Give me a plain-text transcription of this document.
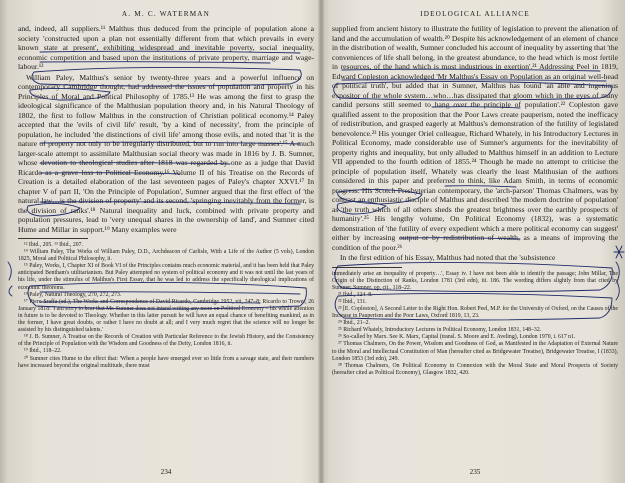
A. M. C. WATERMAN

and, indeed, all suppliers.¹¹ Malthus thus deduced from the principle of population alone a society 'constructed upon a plan not essentially different from that which prevails in every known state at present', exhibiting widespread and inevitable poverty, social inequality, economic competition and based upon the institutions of private property, marriage and wage-labour.¹²

William Paley, Malthus's senior by twenty-three years and a powerful influence on contemporary Cambridge thought, had addressed the issues of population and property in his Principles of Moral and Political Philosophy of 1785.¹³ He was among the first to grasp the ideological significance of the Malthusian population theory and, in his Natural Theology of 1802, the first to follow Malthus in the construction of Christian political economy.¹⁴ Paley accepted that the 'evils of civil life' result, 'by a kind of necessity', from the principle of population, he included 'the distinctions of civil life' among those evils, and noted that 'it is the nature of property not only to be irregularly distributed, but to run into large masses'.¹⁵ A much larger-scale attempt to assimilate Malthusian social theory was made in 1816 by J. B. Sumner, whose devotion to theological studies after 1818 was regarded by one as a judge that David Ricardo as a grave loss to Political Economy.¹⁶ Volume II of his Treatise on the Records of Creation is a detailed elaboration of the last seventeen pages of Paley's chapter XXVI.¹⁷ In chapter V of part II, 'On the Principle of Population', Sumner argued that the first effect of 'the natural law…is the division of property' and its second, 'springing inevitably from the former, is the division of ranks'.¹⁸ Natural inequality and luck, combined with private property and population pressures, lead to 'very unequal shares in the ownership of land', and Sumner cited Hume and Millar in support.¹⁹ Many examples were

¹² Ibid., 205. ¹³ Ibid., 207.

¹⁴ William Paley, The Works of William Paley, D.D., Archdeacon of Carlisle, With a Life of the Author (5 vols), London 1825, Moral and Political Philosophy, ii.

¹⁵ Paley, Works, I, Chapter XI of Book VI of the Principles contains much economic material, and it has been held that Paley anticipated Bentham's utilitarianism. But Paley attempted no system of political economy and it was not until the last years of his life, under the stimulus of Malthus's First Essay, that he was led to address the specifically theological implications of economic theorems.

¹⁶ Paley, Natural Theology, 270, 272, 273.

¹⁷ Piero Sraffa (ed.), The Works and Correspondence of David Ricardo, Cambridge 1952, vii, 247–8; Ricardo to Trower, 26 January 1818: 'I am sorry to hear that Mr. Sumner does not intend writing any more on Political Economy – his whole attention in future is to be devoted to Theology. Whether in this latter pursuit he will have an equal chance of benefiting mankind, as in the former, I have great doubts, or rather I have no doubt at all; and I very much regret that the science will no longer be assisted by his distinguished talents.'

¹⁸ J. B. Sumner, A Treatise on the Records of Creation with Particular Reference to the Jewish History, and the Consistency of the Principle of Population with the Wisdom and Goodness of the Deity, London 1816, ii.

¹⁹ Ibid., 118–22.

²⁰ Sumner cites Hume to the effect that: 'When a people have emerged ever so little from a savage state, and their numbers have increased beyond the original multitude, there must

234
IDEOLOGICAL ALLIANCE

supplied from ancient history to illustrate the futility of legislation to prevent the alienation of land and the accumulation of wealth.²⁰ Despite his acknowledgement of an element of chance in the distribution of wealth, Sumner concluded his account of inequality by asserting that 'the conveniences of life shall belong, in the greatest abundance, to the head which is most fertile in resources, of the hand which is most industrious in exertion'.²¹ Addressing Peel in 1819, Edward Copleston acknowledged 'Mr Malthus's Essay on Population as an original well-head of political truth', but added that in Sumner, Malthus has found 'an able and ingenious expositor of the whole system…who…has dissipated that gloom which in the eyes of many candid persons still seemed to hang over the principle of population'.²² Copleston gave qualified assent to the proposition that the Poor Laws create pauperism, noted the inefficacy of redistribution, and grasped eagerly at Malthus's demonstration of the futility of legislated benevolence.²³ His younger Oriel colleague, Richard Whately, in his Introductory Lectures in Political Economy, made considerable use of Sumner's arguments for the inevitability of property rights and inequality, but only alluded to Malthus himself in an addition to Lecture VII appended to the fourth edition of 1855.²⁴ Though he made no attempt to criticise the principle of population itself, Whately was clearly the least Malthusian of the authors considered in this paper and preferred to think, like Adam Smith, in terms of economic progress. His Scotch Presbyterian contemporary, the 'arch-parson' Thomas Chalmers, was by contrast an enthusiastic disciple of Malthus and described 'the modern doctrine of population' as 'the truth which of all others sheds the greatest brightness over the earthly prospects of humanity'.²⁵ His lengthy volume, On Political Economy (1832), was a systematic demonstration of 'the futility of every expedient which a mere political economy can suggest' either by increasing output or by redistribution of wealth, as a means of improving the condition of the poor.²⁶

In the first edition of his Essay, Malthus had noted that the 'subsistence

immediately arise an inequality of property…', Essay iv. I have not been able to identify the passage; John Millar, The Origin of the Distinction of Ranks, London 1781 (3rd edn), iii. 186. The wording differs slightly from that cited by Sumner; Sumner, op. cit., 118–22.

²¹ Ibid., 124–8.

²² Ibid., 131.

²³ [E. Copleston], A Second Letter to the Right Hon. Robert Peel, M.P. for the University of Oxford, on the Causes of the Increase in Pauperism and the Poor Laws, Oxford 1819, 13, 23.

²⁴ Ibid., 21–2.

²⁵ Richard Whately, Introductory Lectures in Political Economy, London 1831, 148–32.

²⁶ So-called by Marx. See K. Marx, Capital (transl. S. Moore and E. Aveling), London 1970, i. 617 n1.

²⁷ Thomas Chalmers, On the Power, Wisdom and Goodness of God, as Manifested in the Adaptation of External Nature to the Moral and Intellectual Constitution of Man (hereafter cited as Bridgewater Treatise), Bridgewater Treatise, I (1833), London 1853 (3rd edn), 249.

²⁸ Thomas Chalmers, On Political Economy in Connexion with the Moral State and Moral Prospects of Society (hereafter cited as Political Economy), Glasgow 1832, 420.

235
